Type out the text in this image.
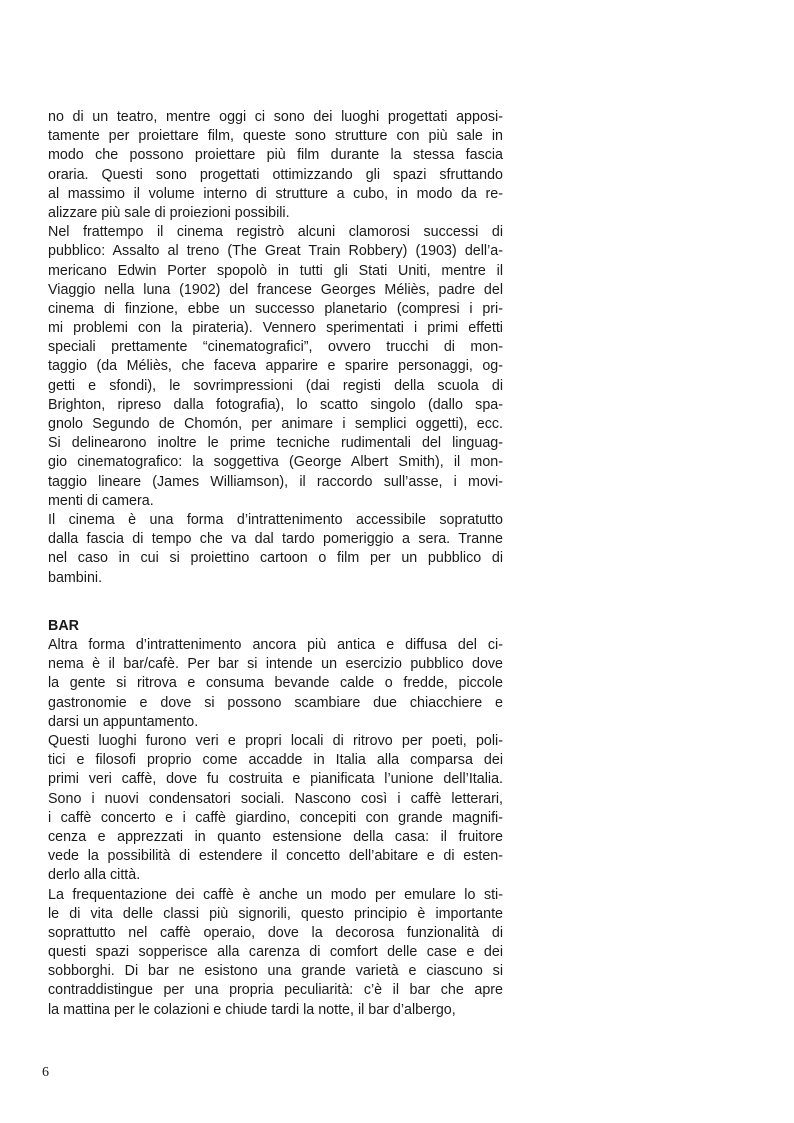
no di un teatro, mentre oggi ci sono dei luoghi progettati apposi-
tamente per proiettare film, queste sono strutture con più sale in
modo che possono proiettare più film durante la stessa fascia
oraria. Questi sono progettati ottimizzando gli spazi sfruttando
al massimo il volume interno di strutture a cubo, in modo da re-
alizzare più sale di proiezioni possibili.
Nel frattempo il cinema registrò alcuni clamorosi successi di
pubblico: Assalto al treno (The Great Train Robbery) (1903) dell’a-
mericano Edwin Porter spopolò in tutti gli Stati Uniti, mentre il
Viaggio nella luna (1902) del francese Georges Méliès, padre del
cinema di finzione, ebbe un successo planetario (compresi i pri-
mi problemi con la pirateria). Vennero sperimentati i primi effetti
speciali prettamente “cinematografici”, ovvero trucchi di mon-
taggio (da Méliès, che faceva apparire e sparire personaggi, og-
getti e sfondi), le sovrimpressioni (dai registi della scuola di
Brighton, ripreso dalla fotografia), lo scatto singolo (dallo spa-
gnolo Segundo de Chomón, per animare i semplici oggetti), ecc.
Si delinearono inoltre le prime tecniche rudimentali del linguag-
gio cinematografico: la soggettiva (George Albert Smith), il mon-
taggio lineare (James Williamson), il raccordo sull’asse, i movi-
menti di camera.
Il cinema è una forma d’intrattenimento accessibile sopratutto
dalla fascia di tempo che va dal tardo pomeriggio a sera. Tranne
nel caso in cui si proiettino cartoon o film per un pubblico di
bambini.
BAR
Altra forma d’intrattenimento ancora più antica e diffusa del ci-
nema è il bar/cafè. Per bar si intende un esercizio pubblico dove
la gente si ritrova e consuma bevande calde o fredde, piccole
gastronomie e dove si possono scambiare due chiacchiere e
darsi un appuntamento.
Questi luoghi furono veri e propri locali di ritrovo per poeti, poli-
tici e filosofi proprio come accadde in Italia alla comparsa dei
primi veri caffè, dove fu costruita e pianificata l’unione dell’Italia.
Sono i nuovi condensatori sociali. Nascono così i caffè letterari,
i caffè concerto e i caffè giardino, concepiti con grande magnifi-
cenza e apprezzati in quanto estensione della casa: il fruitore
vede la possibilità di estendere il concetto dell’abitare e di esten-
derlo alla città.
La frequentazione dei caffè è anche un modo per emulare lo sti-
le di vita delle classi più signorili, questo principio è importante
soprattutto nel caffè operaio, dove la decorosa funzionalità di
questi spazi sopperisce alla carenza di comfort delle case e dei
sobborghi. Di bar ne esistono una grande varietà e ciascuno si
contraddistingue per una propria peculiarità: c’è il bar che apre
la mattina per le colazioni e chiude tardi la notte, il bar d’albergo,
6
